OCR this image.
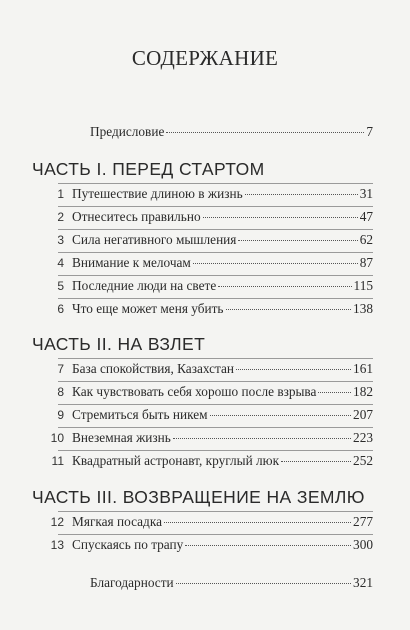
СОДЕРЖАНИЕ
Предисловие	7
ЧАСТЬ I. ПЕРЕД СТАРТОМ
1 Путешествие длиною в жизнь	31
2 Отнеситесь правильно	47
3 Сила негативного мышления	62
4 Внимание к мелочам	87
5 Последние люди на свете	115
6 Что еще может меня убить	138
ЧАСТЬ II. НА ВЗЛЕТ
7 База спокойствия, Казахстан	161
8 Как чувствовать себя хорошо после взрыва	182
9 Стремиться быть никем	207
10 Внеземная жизнь	223
11 Квадратный астронавт, круглый люк	252
ЧАСТЬ III. ВОЗВРАЩЕНИЕ НА ЗЕМЛЮ
12 Мягкая посадка	277
13 Спускаясь по трапу	300
Благодарности	321
